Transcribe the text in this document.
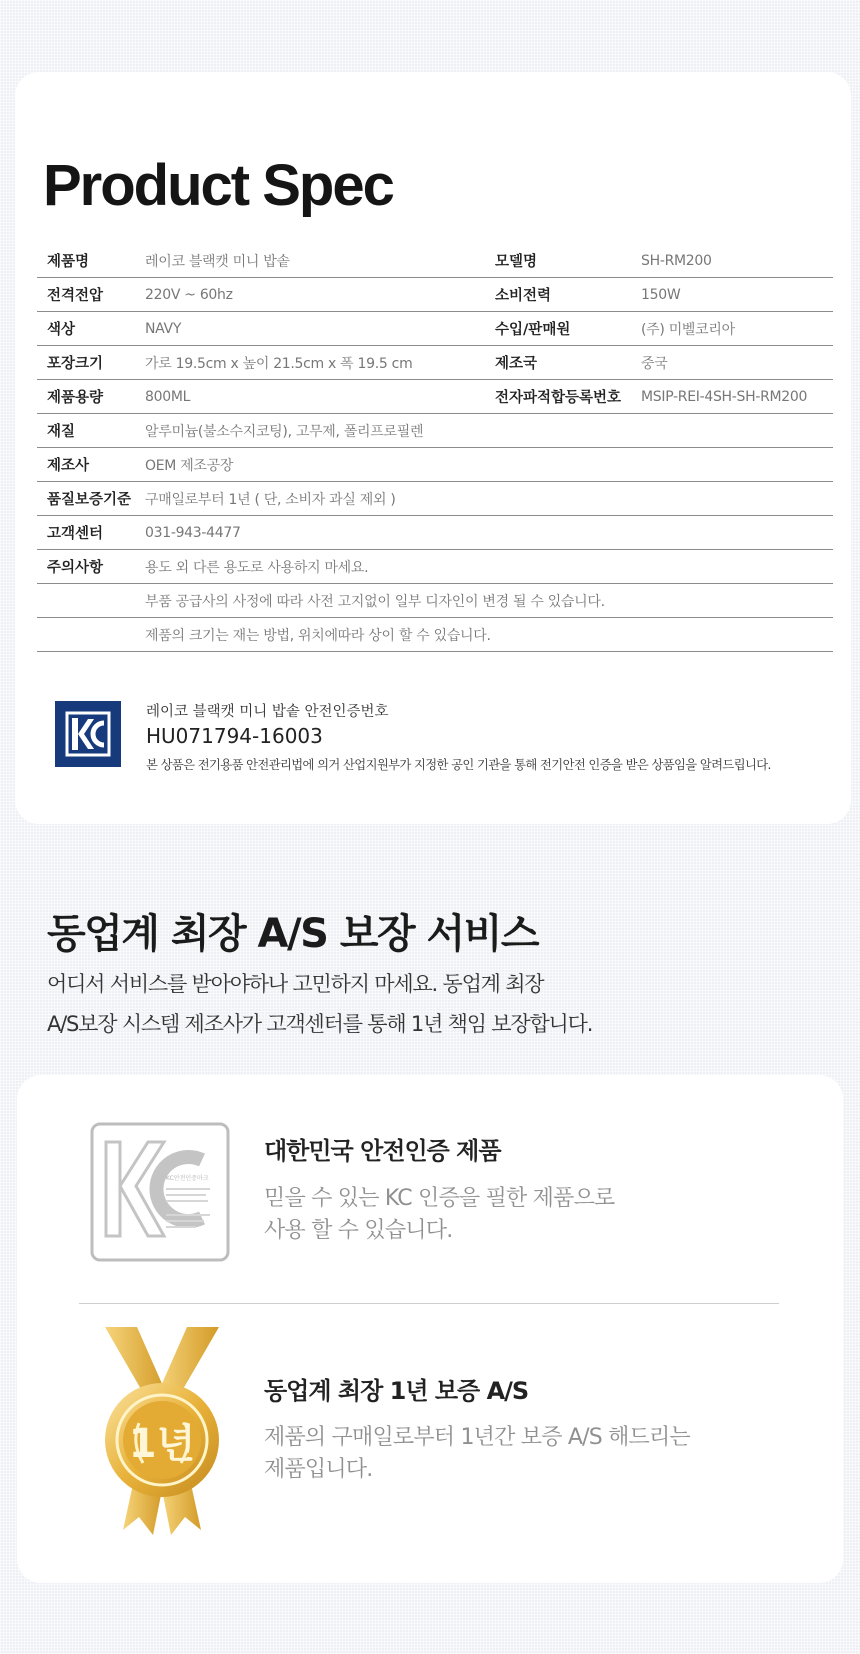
Product Spec
제품명	레이코 블랙캣 미니 밥솥	모델명	SH-RM200
전격전압	220V ~ 60hz	소비전력	150W
색상	NAVY	수입/판매원	(주) 미벨코리아
포장크기	가로 19.5cm x 높이 21.5cm x 폭 19.5 cm	제조국	중국
제품용량	800ML	전자파적합등록번호	MSIP-REI-4SH-SH-RM200
재질	알루미늄(불소수지코팅), 고무제, 폴리프로필렌		
제조사	OEM 제조공장		
품질보증기준	구매일로부터 1년 ( 단, 소비자 과실 제외 )		
고객센터	031-943-4477		
주의사항	용도 외 다른 용도로 사용하지 마세요.		
	부품 공급사의 사정에 따라 사전 고지없이 일부 디자인이 변경 될 수 있습니다.		
	제품의 크기는 재는 방법, 위치에따라 상이 할 수 있습니다.		
레이코 블랙캣 미니 밥솥 안전인증번호
HU071794-16003
본 상품은 전기용품 안전관리법에 의거 산업지원부가 지정한 공인 기관을 통해 전기안전 인증을 받은 상품임을 알려드립니다.
동업계 최장 A/S 보장 서비스
어디서 서비스를 받아야하나 고민하지 마세요. 동업계 최장
A/S보장 시스템 제조사가 고객센터를 통해 1년 책임 보장합니다.
KC안전인증마크
대한민국 안전인증 제품

믿을 수 있는 KC 인증을 필한 제품으로
사용 할 수 있습니다.

1년
동업계 최장 1년 보증 A/S

제품의 구매일로부터 1년간 보증 A/S 해드리는
제품입니다.
